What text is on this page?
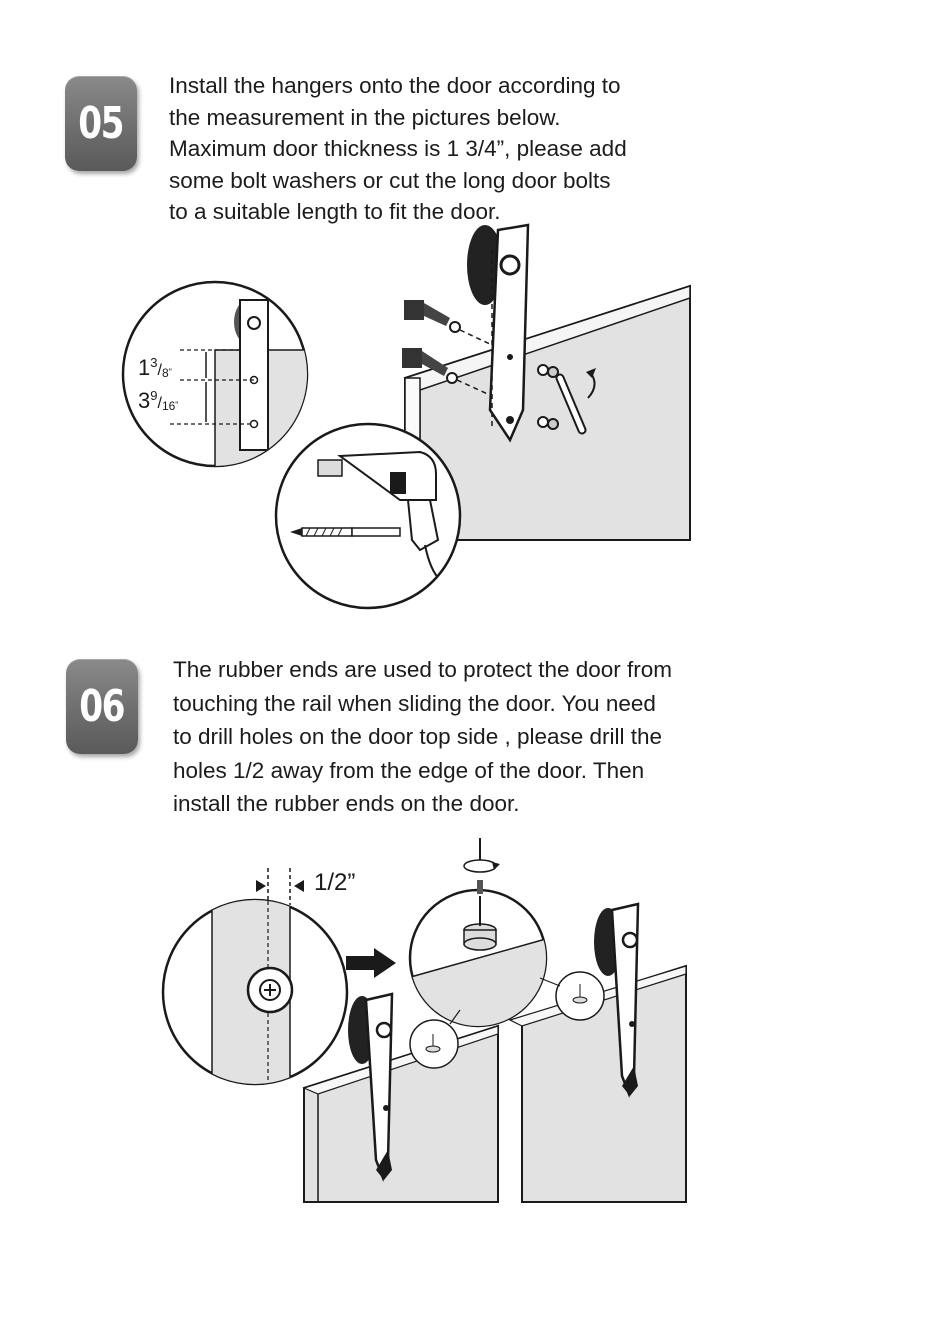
05

Install the hangers onto the door according to

the measurement in the pictures below.

Maximum door thickness is 1 3/4”, please add

some bolt washers or cut the long door bolts

to a suitable length to fit the door.

$1^3_/8$"
$3^9_/16$"
06

The rubber ends are used to protect the door from

touching the rail when sliding the door. You need

to drill holes on the door top side , please drill the

holes 1/2 away from the edge of the door. Then

install the rubber ends on the door.

1/2”
